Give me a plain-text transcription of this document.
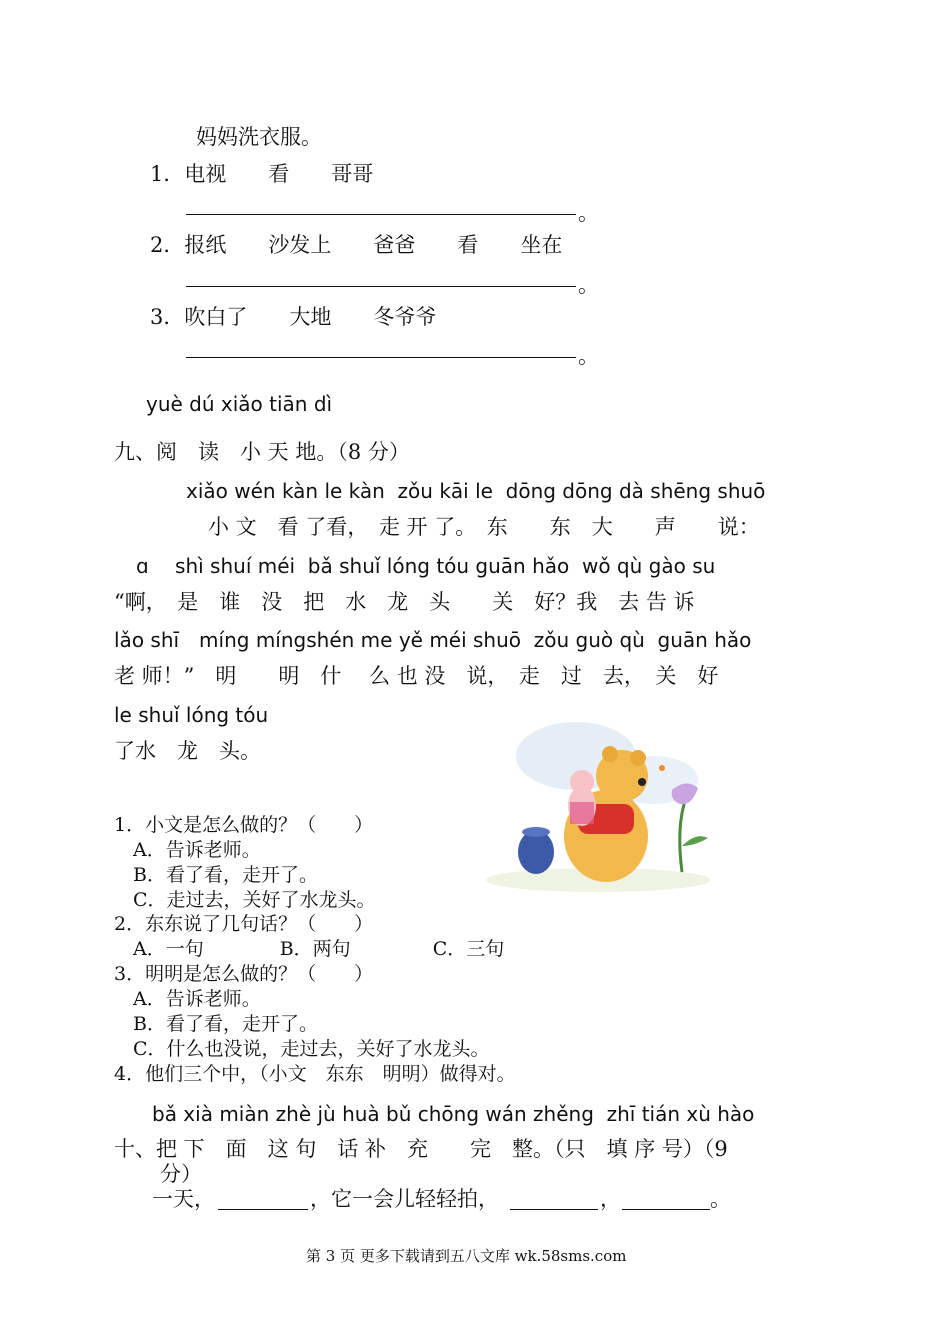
妈妈洗衣服。
1．电视　　看　　哥哥
。
2．报纸　　沙发上　　爸爸　　看　　坐在
。
3．吹白了　　大地　　冬爷爷
。
yuè dú xiǎo tiān dì
九、阅　读　小 天 地。（8 分）
xiǎo wén kàn le kàn  zǒu kāi le  dōng dōng dà shēng shuō
小 文　看 了看，　走 开 了。　东　　东　大　　声　　说：
ɑ　 shì shuí méi  bǎ shuǐ lóng tóu guān hǎo  wǒ qù gào su
“啊，　是　谁　没　把　水　龙　头　　关　好？我　去 告 诉
lǎo shī　míng míngshén me yě méi shuō  zǒu guò qù  guān hǎo
老 师！”　明　　明　什　 么 也 没　说，　走　过　去，　关　好
le shuǐ lóng tóu
了水　龙　头。
1．小文是怎么做的？（　　）
　A．告诉老师。
　B．看了看，走开了。
　C．走过去，关好了水龙头。
2．东东说了几句话？（　　）
　A．一句　　　　B．两句　　　　 C．三句
3．明明是怎么做的？（　　）
　A．告诉老师。
　B．看了看，走开了。
　C．什么也没说，走过去，关好了水龙头。
4．他们三个中，（小文　东东　明明）做得对。
bǎ xià miàn zhè jù huà bǔ chōng wán zhěng  zhī tián xù hào
十、把 下　面　这 句　话 补　充　　完　整。（只　填 序 号）（9
分）
一天，	，它一会儿轻轻拍，	，	。
第 3 页 更多下载请到五八文库 wk.58sms.com
